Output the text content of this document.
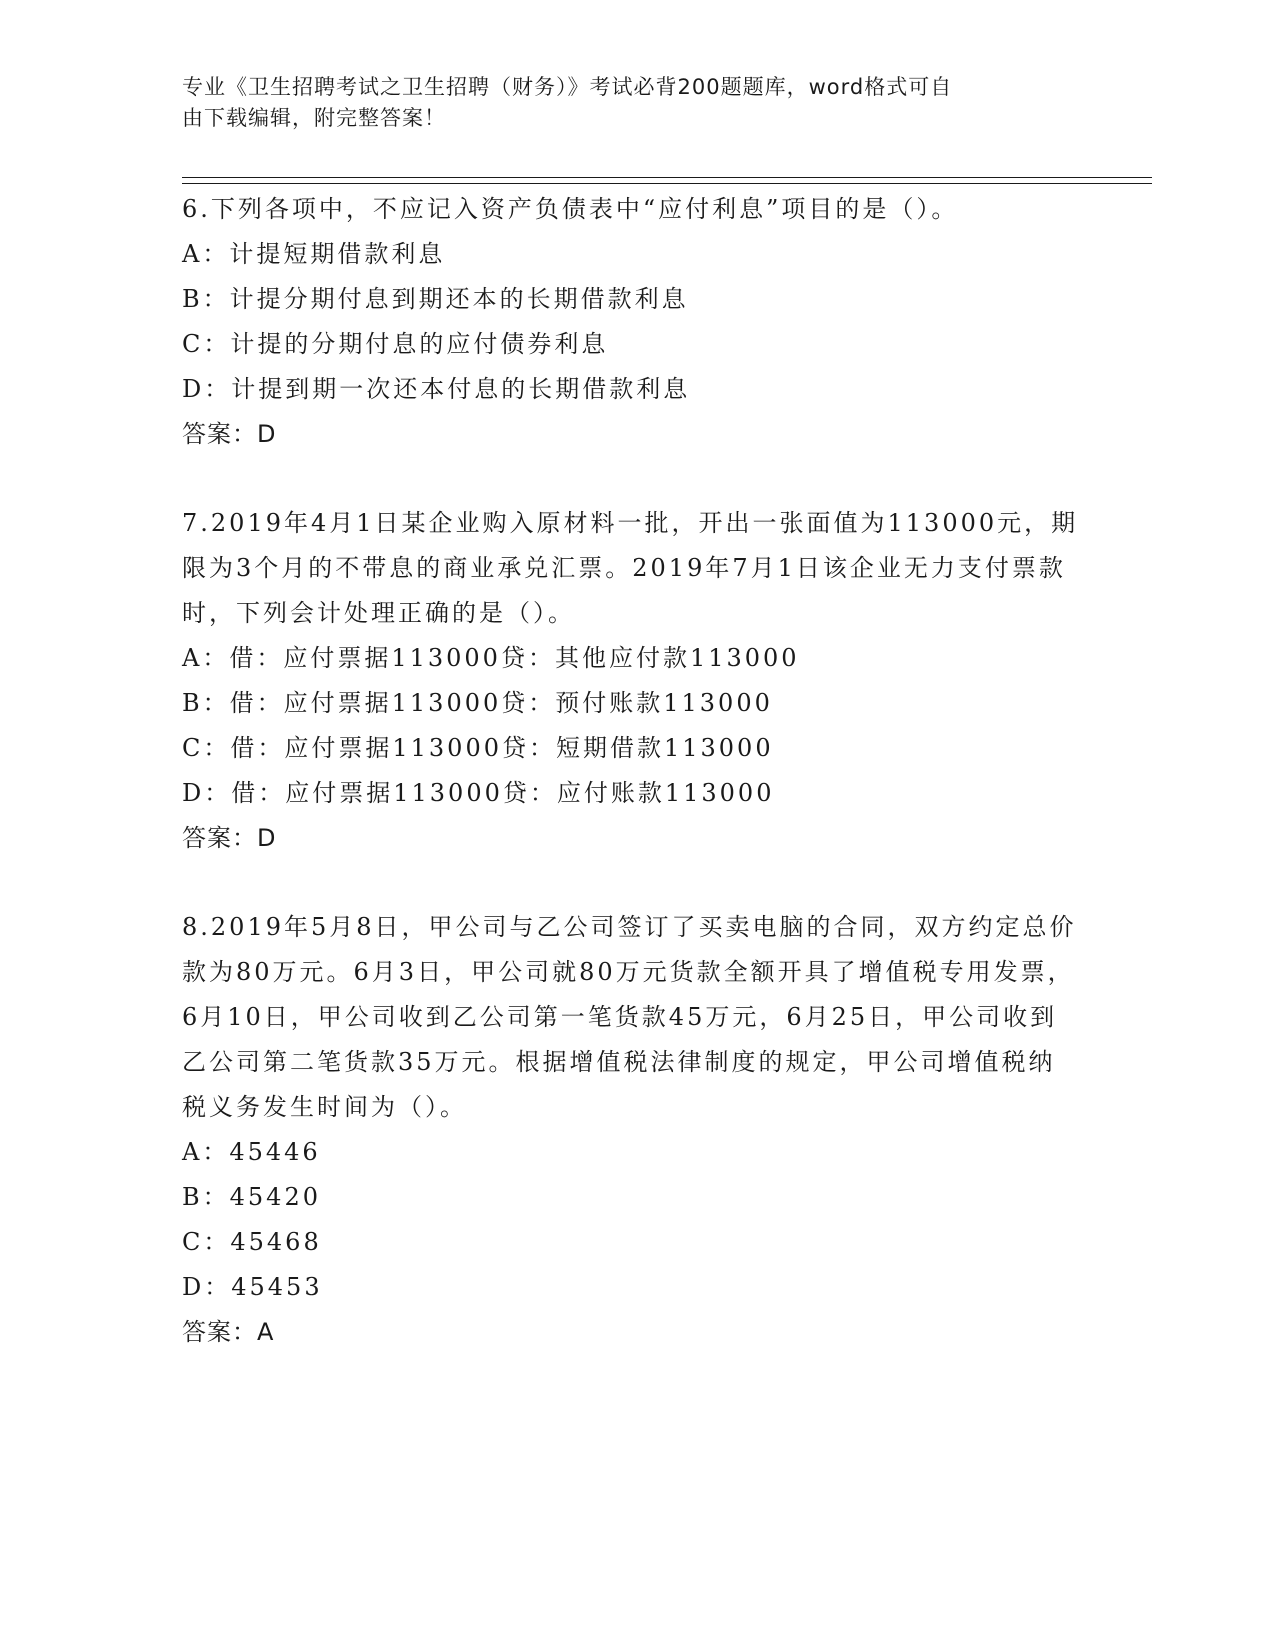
专业《卫生招聘考试之卫生招聘（财务）》考试必背200题题库，word格式可自
由下载编辑，附完整答案！
6.下列各项中，不应记入资产负债表中“应付利息”项目的是（）。
A：计提短期借款利息
B：计提分期付息到期还本的长期借款利息
C：计提的分期付息的应付债券利息
D：计提到期一次还本付息的长期借款利息
答案：D
7.2019年4月1日某企业购入原材料一批，开出一张面值为113000元，期限为3个月的不带息的商业承兑汇票。2019年7月1日该企业无力支付票款时，下列会计处理正确的是（）。
A：借：应付票据113000贷：其他应付款113000
B：借：应付票据113000贷：预付账款113000
C：借：应付票据113000贷：短期借款113000
D：借：应付票据113000贷：应付账款113000
答案：D
8.2019年5月8日，甲公司与乙公司签订了买卖电脑的合同，双方约定总价款为80万元。6月3日，甲公司就80万元货款全额开具了增值税专用发票，6月10日，甲公司收到乙公司第一笔货款45万元，6月25日，甲公司收到乙公司第二笔货款35万元。根据增值税法律制度的规定，甲公司增值税纳税义务发生时间为（）。
A：45446
B：45420
C：45468
D：45453
答案：A
